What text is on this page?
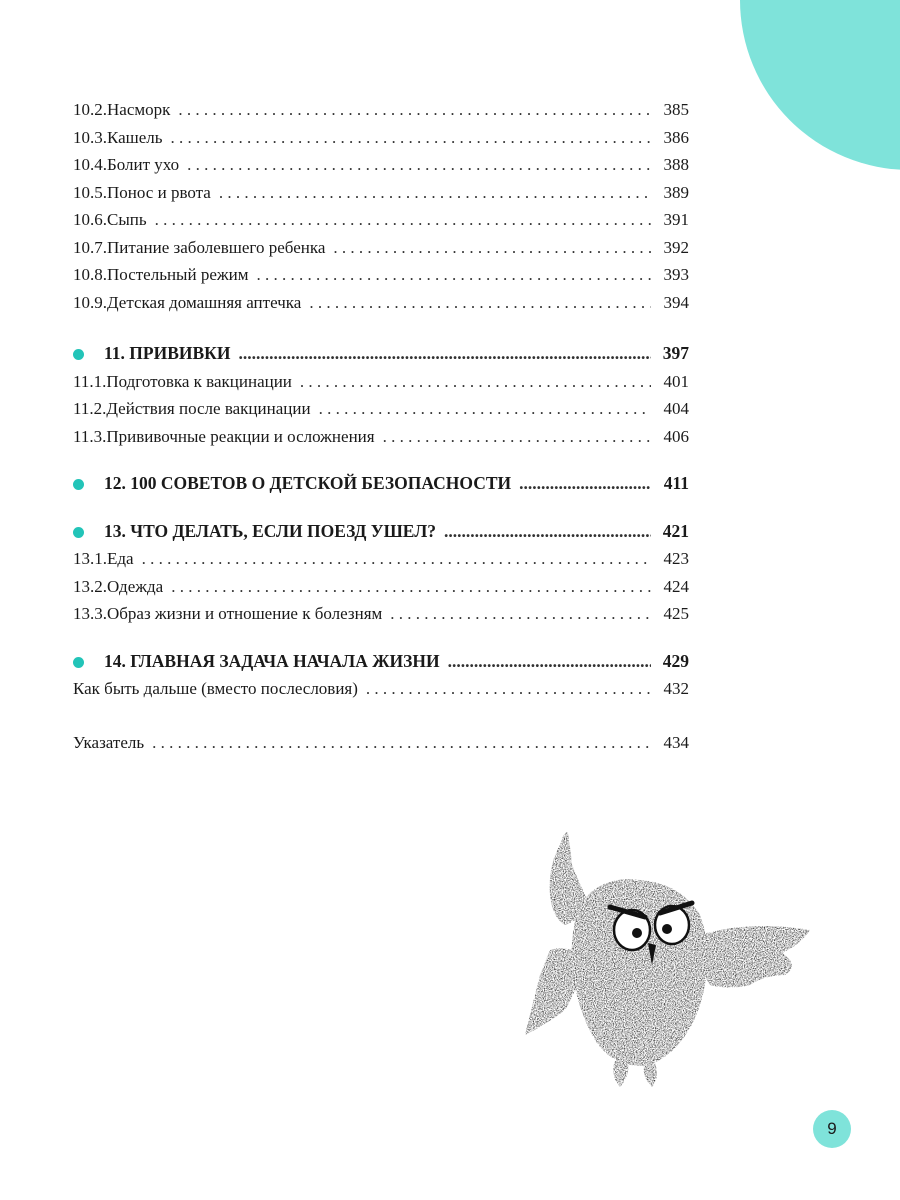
10.2.Насморк . . .	385
10.3.Кашель . . .	386
10.4.Болит ухо . . .	388
10.5.Понос и рвота . . .	389
10.6.Сыпь . . .	391
10.7.Питание заболевшего ребенка . . .	392
10.8.Постельный режим . . .	393
10.9.Детская домашняя аптечка . . .	394
11. ПРИВИВКИ .....	397
11.1.Подготовка к вакцинации . . .	401
11.2.Действия после вакцинации . . .	404
11.3.Прививочные реакции и осложнения . . .	406
12. 100 СОВЕТОВ О ДЕТСКОЙ БЕЗОПАСНОСТИ .....	411
13. ЧТО ДЕЛАТЬ, ЕСЛИ ПОЕЗД УШЕЛ? .....	421
13.1.Еда . . .	423
13.2.Одежда . . .	424
13.3.Образ жизни и отношение к болезням . . .	425
14. ГЛАВНАЯ ЗАДАЧА НАЧАЛА ЖИЗНИ .....	429
Как быть дальше (вместо послесловия) . . .	432
Указатель . . .	434
9
